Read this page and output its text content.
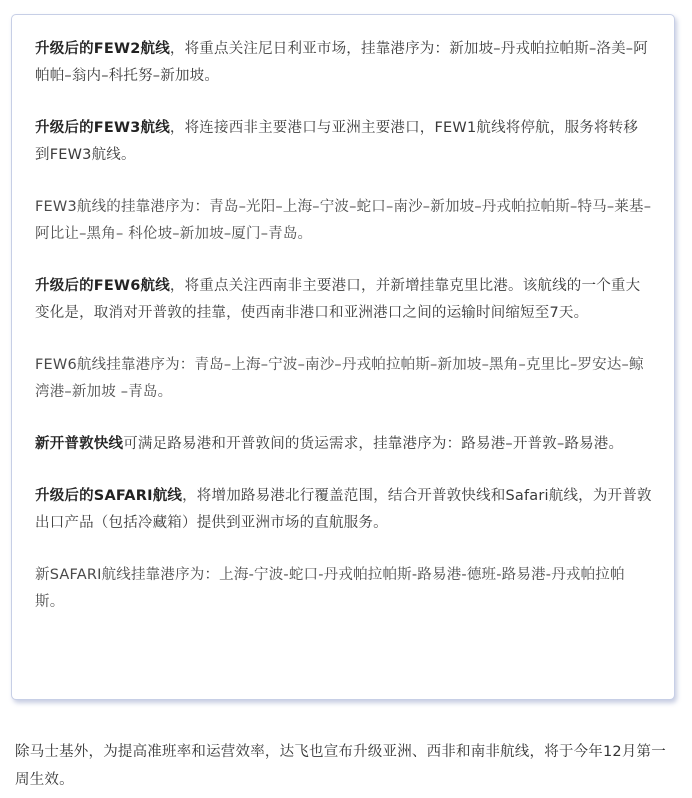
升级后的FEW2航线，将重点关注尼日利亚市场，挂靠港序为：新加坡–丹戎帕拉帕斯–洛美–阿帕帕–翁内–科托努–新加坡。

升级后的FEW3航线，将连接西非主要港口与亚洲主要港口，FEW1航线将停航，服务将转移到FEW3航线。

FEW3航线的挂靠港序为：青岛–光阳–上海–宁波–蛇口–南沙–新加坡–丹戎帕拉帕斯–特马–莱基–阿比让–黑角– 科伦坡–新加坡–厦门–青岛。

升级后的FEW6航线，将重点关注西南非主要港口，并新增挂靠克里比港。该航线的一个重大变化是，取消对开普敦的挂靠，使西南非港口和亚洲港口之间的运输时间缩短至7天。

FEW6航线挂靠港序为：青岛–上海–宁波–南沙–丹戎帕拉帕斯–新加坡–黑角–克里比–罗安达–鲸湾港–新加坡 –青岛。

新开普敦快线可满足路易港和开普敦间的货运需求，挂靠港序为：路易港–开普敦–路易港。

升级后的SAFARI航线，将增加路易港北行覆盖范围，结合开普敦快线和Safari航线，为开普敦出口产品（包括冷藏箱）提供到亚洲市场的直航服务。

新SAFARI航线挂靠港序为：上海-宁波-蛇口-丹戎帕拉帕斯-路易港-德班-路易港-丹戎帕拉帕斯。

除马士基外，为提高准班率和运营效率，达飞也宣布升级亚洲、西非和南非航线，将于今年12月第一周生效。
